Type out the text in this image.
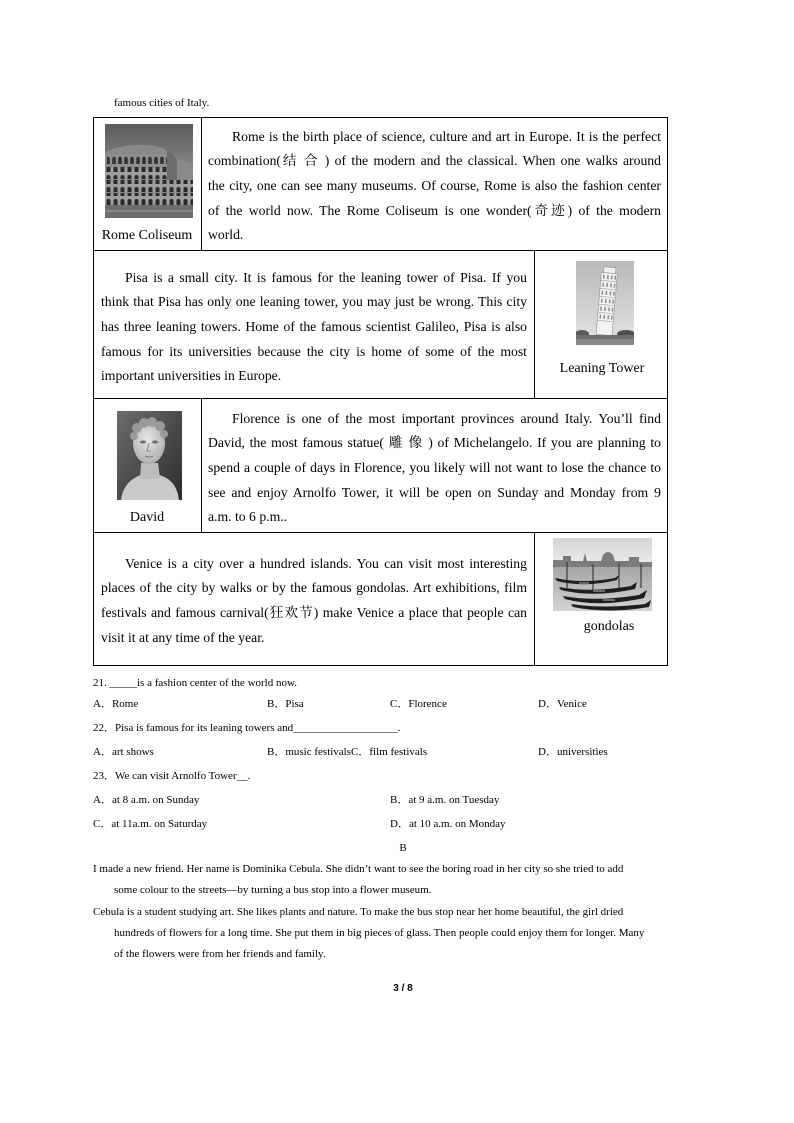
famous cities of Italy.
Rome Coliseum
Rome is the birth place of science, culture and art in Europe. It is the perfect
combination(结 合 ) of the modern and the classical. When one walks around
the city, one can see many museums. Of course, Rome is also the fashion center
of the world now. The Rome Coliseum is one wonder(奇迹) of the modern
world.
Pisa is a small city. It is famous for the leaning tower of Pisa. If you
think that Pisa has only one leaning tower, you may just be wrong. This city
has three leaning towers. Home of the famous scientist Galileo, Pisa is also
famous for its universities because the city is home of some of the most
important universities in Europe.	Leaning Tower
David
Florence is one of the most important provinces around Italy. You’ll find
David, the most famous statue( 雕 像 ) of Michelangelo. If you are planning to
spend a couple of days in Florence, you likely will not want to lose the chance to
see and enjoy Arnolfo Tower, it will be open on Sunday and Monday from 9
a.m. to 6 p.m..
Venice is a city over a hundred islands. You can visit most interesting
places of the city by walks or by the famous gondolas. Art exhibitions, film
festivals and famous carnival(狂欢节) make Venice a place that people can
visit it at any time of the year.
gondolas
21. _____is a fashion center of the world now.
A．Rome	B．Pisa	C．Florence	D．Venice
22．Pisa is famous for its leaning towers and___________________.
A．art shows	B．music festivalsC．film festivals	D．universities
23．We can visit Arnolfo Tower__.
A．at 8 a.m. on Sunday	B．at 9 a.m. on Tuesday
C．at 11a.m. on Saturday	D．at 10 a.m. on Monday
B
I made a new friend. Her name is Dominika Cebula. She didn’t want to see the boring road in her city so she tried to add
some colour to the streets—by turning a bus stop into a flower museum.
Cebula is a student studying art. She likes plants and nature. To make the bus stop near her home beautiful, the girl dried
hundreds of flowers for a long time. She put them in big pieces of glass. Then people could enjoy them for longer. Many
of the flowers were from her friends and family.
3 / 8
